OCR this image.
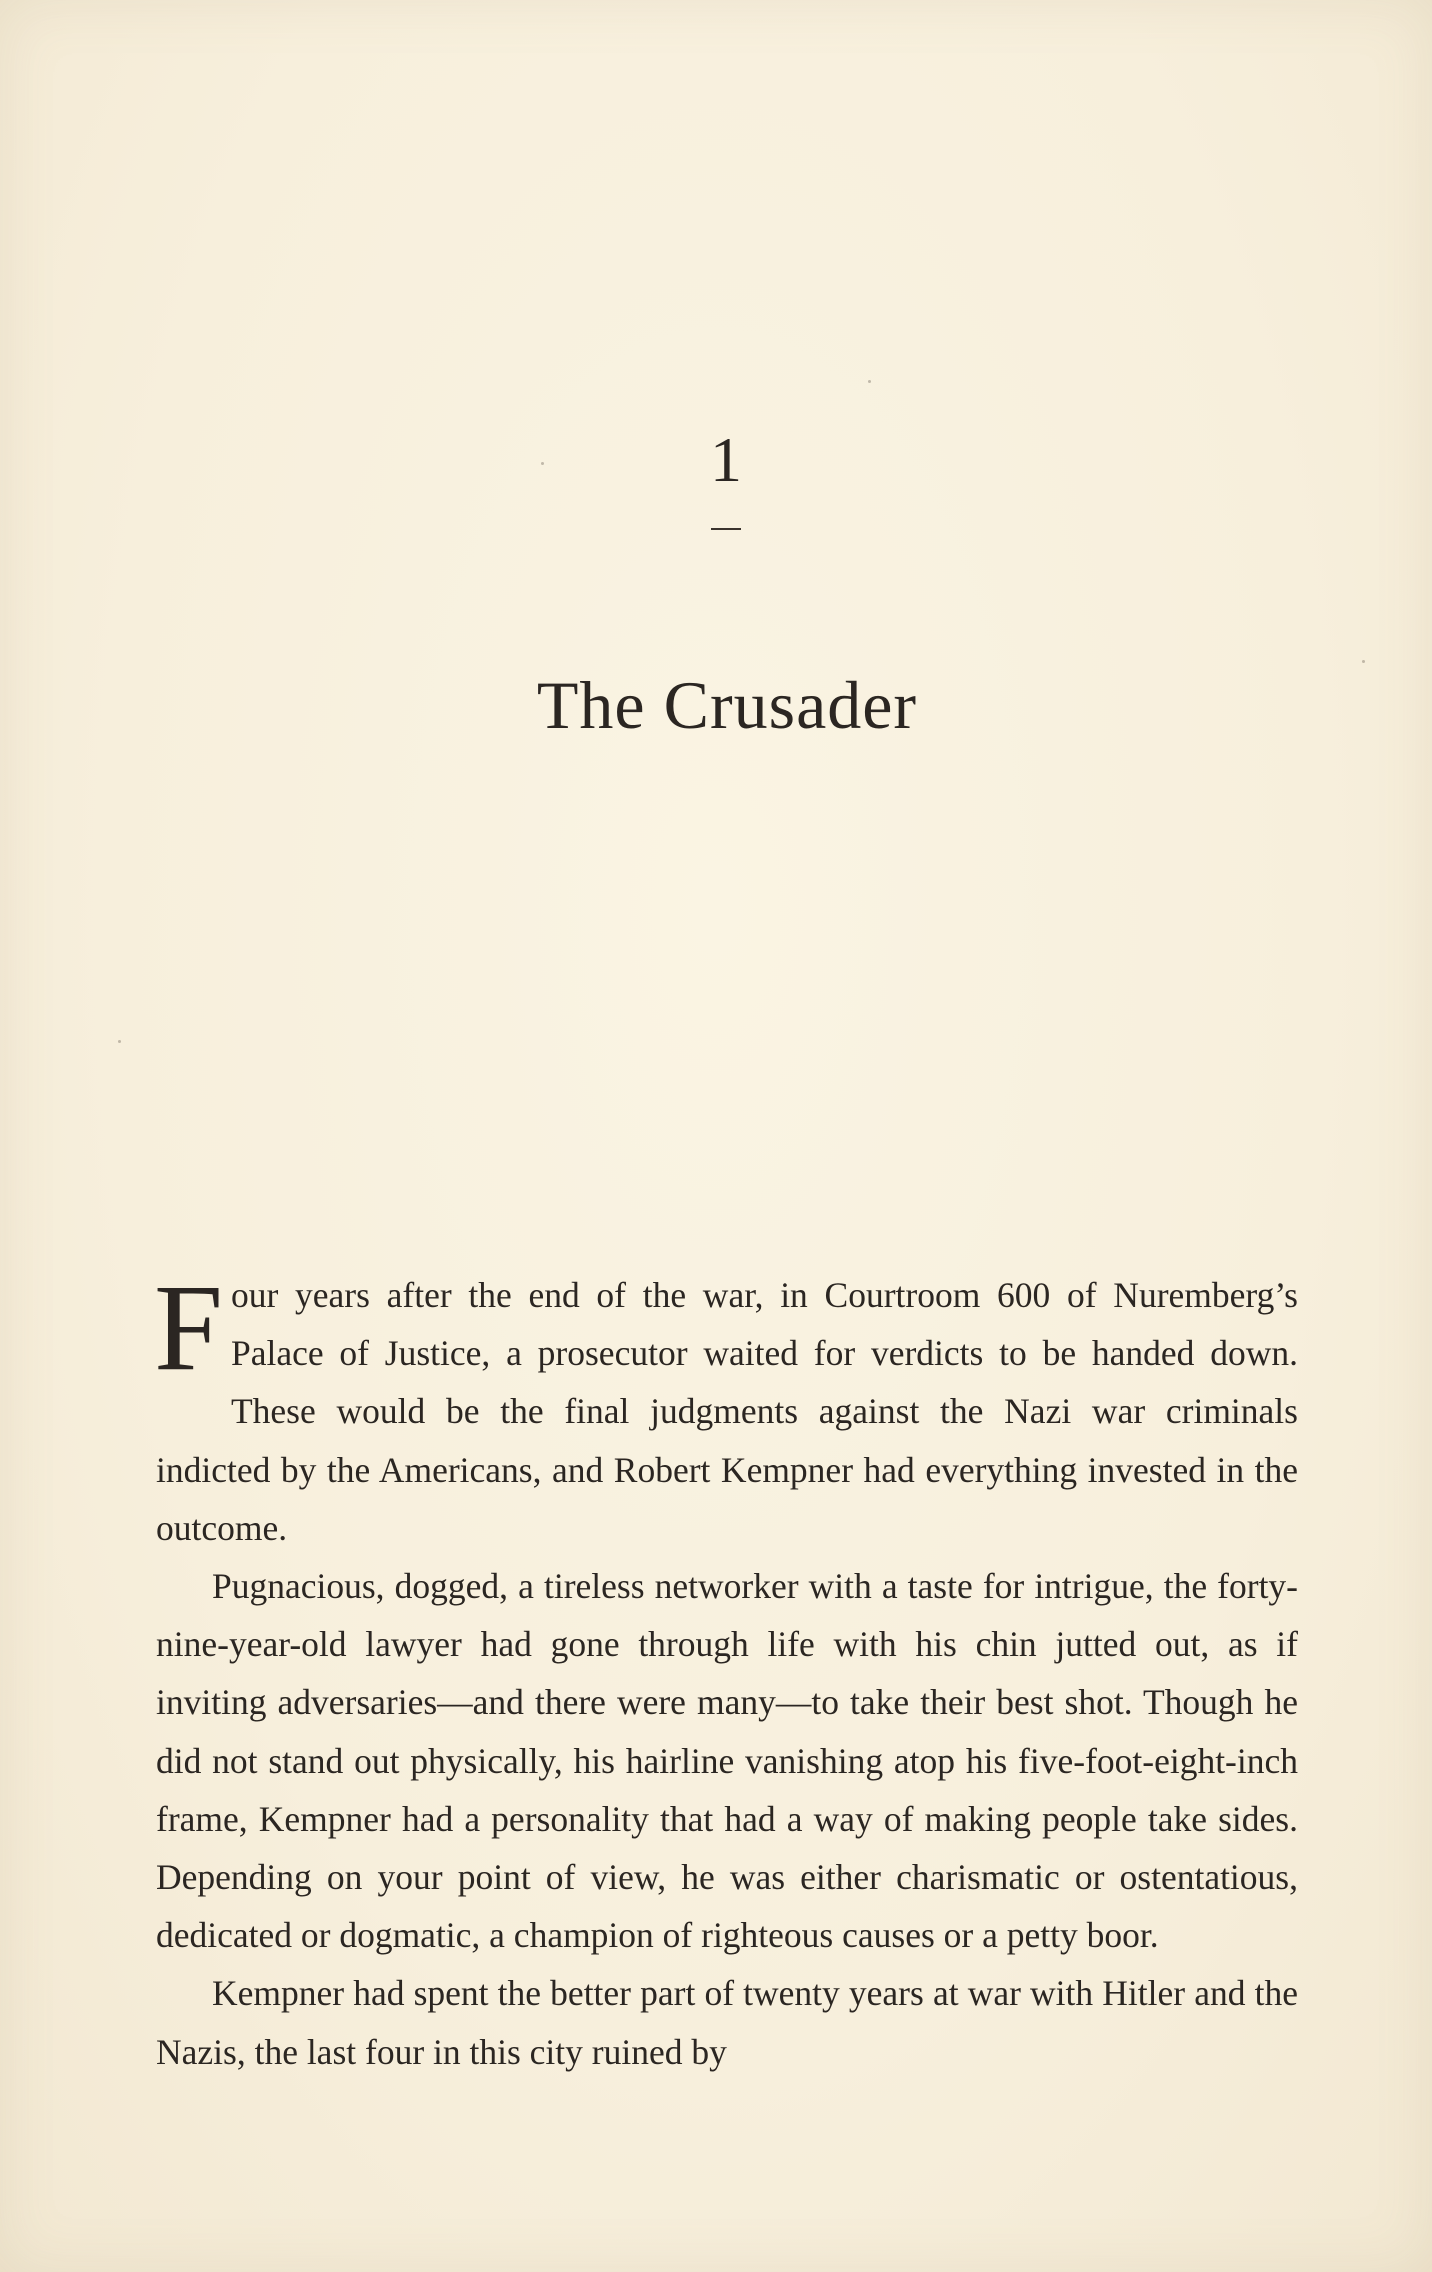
1
The Crusader

Four years after the end of the war, in Courtroom 600 of Nuremberg’s Palace of Justice, a prosecutor waited for verdicts to be handed down. These would be the final judgments against the Nazi war criminals indicted by the Americans, and Robert Kempner had everything invested in the outcome.

Pugnacious, dogged, a tireless networker with a taste for intrigue, the forty-nine-year-old lawyer had gone through life with his chin jutted out, as if inviting adversaries—and there were many—to take their best shot. Though he did not stand out physically, his hairline vanishing atop his five-foot-eight-inch frame, Kempner had a personality that had a way of making people take sides. Depending on your point of view, he was either charismatic or ostentatious, dedicated or dogmatic, a champion of righteous causes or a petty boor.

Kempner had spent the better part of twenty years at war with Hitler and the Nazis, the last four in this city ruined by
